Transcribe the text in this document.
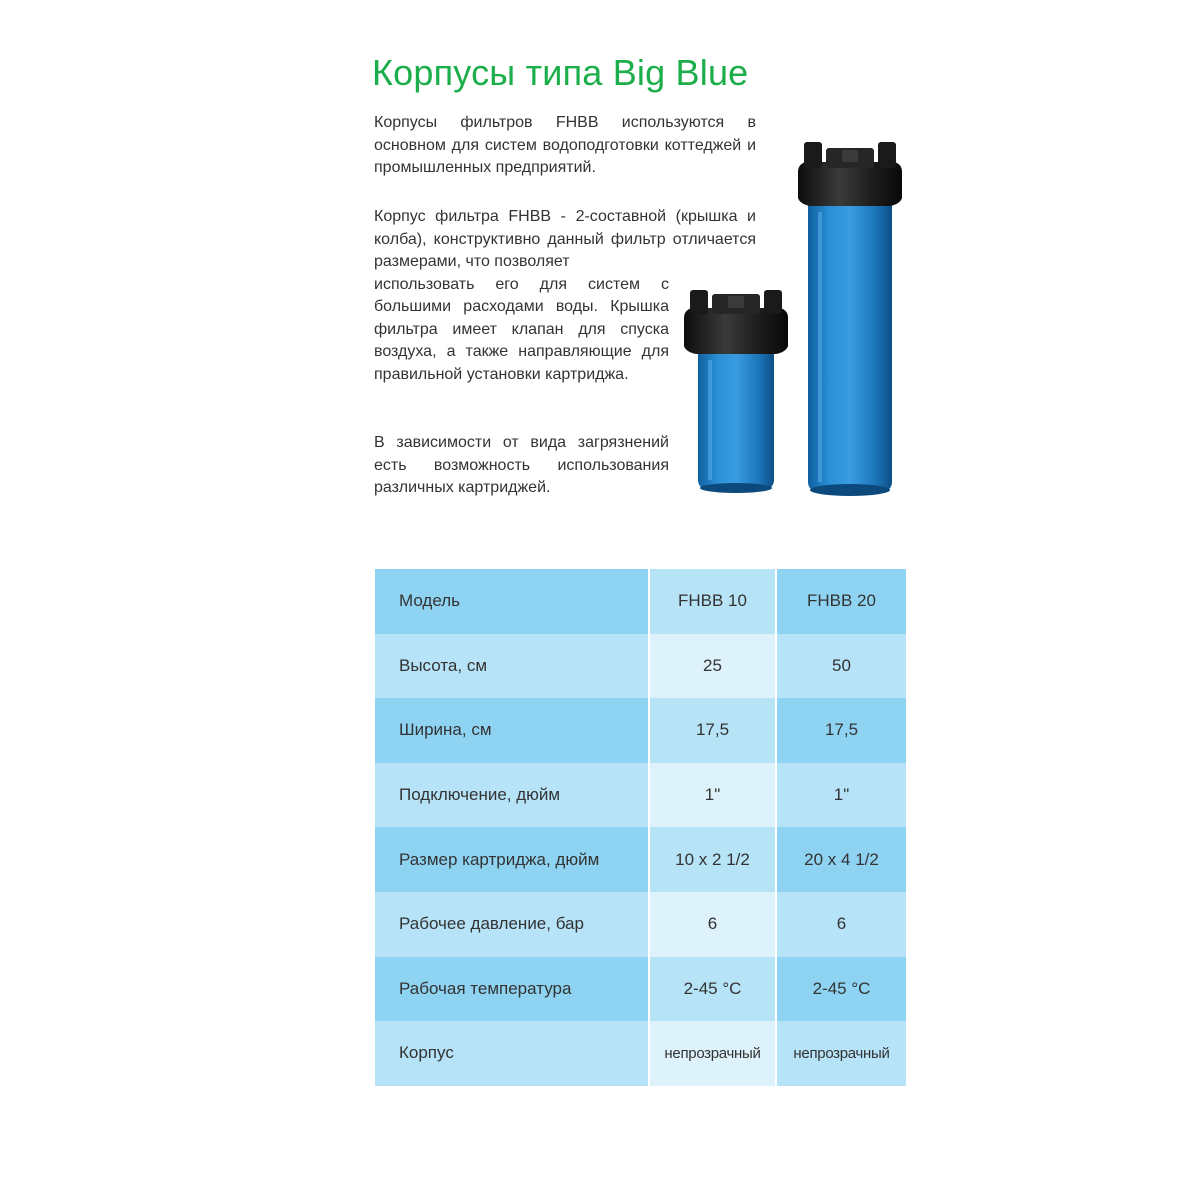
Корпусы типа Big Blue

Корпусы фильтров FHBB используются в основном для систем водоподготовки коттеджей и промышленных предприятий.

Корпус фильтра FHBB - 2-составной (крышка и колба), конструктивно данный фильтр отличается размерами, что позволяет
использовать его для систем с большими расходами воды. Крышка фильтра имеет клапан для спуска воздуха, а также направляющие для правильной установки картриджа.

В зависимости от вида загрязнений есть возможность использования различных картриджей.

Модель	FHBB 10	FHBB 20
Высота, см	25	50
Ширина, см	17,5	17,5
Подключение, дюйм	1"	1"
Размер картриджа, дюйм	10 x 2 1/2	20 x 4 1/2
Рабочее давление, бар	6	6
Рабочая температура	2-45 °C	2-45 °C
Корпус	непрозрачный	непрозрачный
